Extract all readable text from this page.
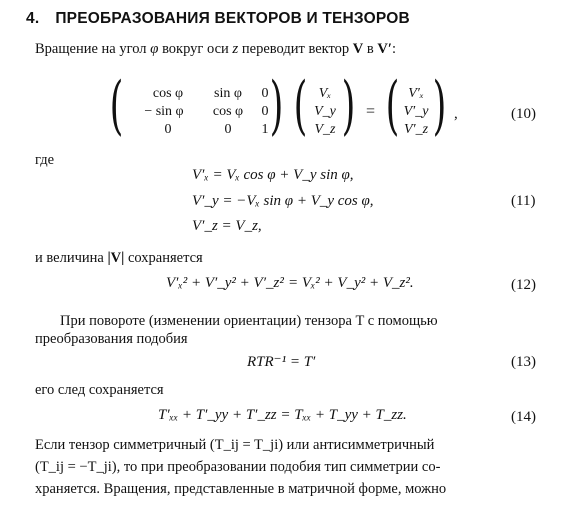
4. ПРЕОБРАЗОВАНИЯ ВЕКТОРОВ И ТЕНЗОРОВ
Вращение на угол φ вокруг оси z переводит вектор V в V′:
(	cos φ	sin φ	0
− sin φ	cos φ	0
0	0	1 ) ( Vₓ
V_y
V_z ) = ( V′ₓ
V′_y
V′_z ) ,	(10)
где
V′ₓ = Vₓ cos φ + V_y sin φ,
V′_y = −Vₓ sin φ + V_y cos φ,
V′_z = V_z,
(11)
и величина |V| сохраняется
V′ₓ² + V′_y² + V′_z² = Vₓ² + V_y² + V_z².	(12)
При повороте (изменении ориентации) тензора T с помощью
преобразования подобия
RTR⁻¹ = T′	(13)
его след сохраняется
T′ₓₓ + T′_yy + T′_zz = Tₓₓ + T_yy + T_zz.	(14)
Если тензор симметричный (T_ij = T_ji) или антисимметричный
(T_ij = −T_ji), то при преобразовании подобия тип симметрии со-
храняется. Вращения, представленные в матричной форме, можно
